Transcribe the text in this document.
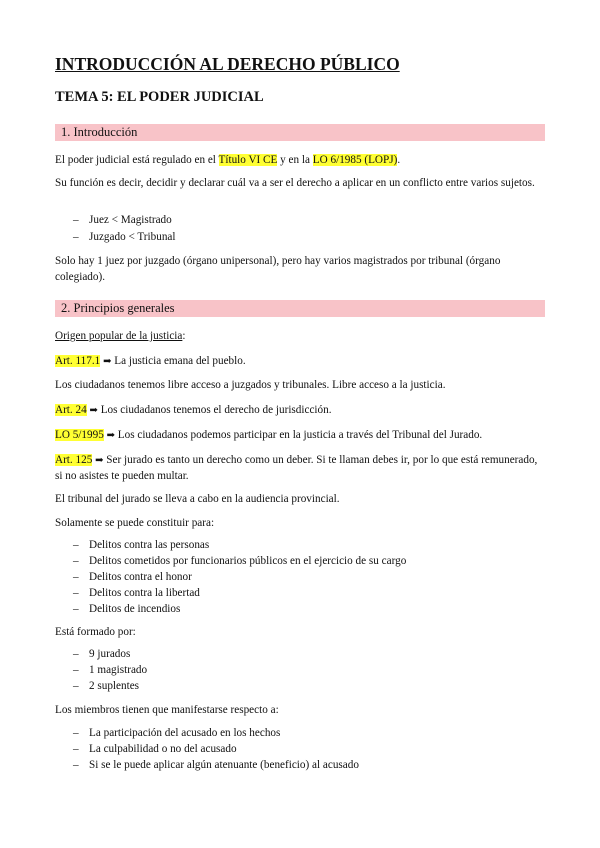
INTRODUCCIÓN AL DERECHO PÚBLICO
TEMA 5: EL PODER JUDICIAL
1. Introducción
El poder judicial está regulado en el Título VI CE y en la LO 6/1985 (LOPJ).
Su función es decir, decidir y declarar cuál va a ser el derecho a aplicar en un conflicto entre varios sujetos.
– Juez < Magistrado
– Juzgado < Tribunal
Solo hay 1 juez por juzgado (órgano unipersonal), pero hay varios magistrados por tribunal (órgano colegiado).
2. Principios generales
Origen popular de la justicia:
Art. 117.1 ➡ La justicia emana del pueblo.
Los ciudadanos tenemos libre acceso a juzgados y tribunales. Libre acceso a la justicia.
Art. 24 ➡ Los ciudadanos tenemos el derecho de jurisdicción.
LO 5/1995 ➡ Los ciudadanos podemos participar en la justicia a través del Tribunal del Jurado.
Art. 125 ➡ Ser jurado es tanto un derecho como un deber. Si te llaman debes ir, por lo que está remunerado, si no asistes te pueden multar.
El tribunal del jurado se lleva a cabo en la audiencia provincial.
Solamente se puede constituir para:
– Delitos contra las personas
– Delitos cometidos por funcionarios públicos en el ejercicio de su cargo
– Delitos contra el honor
– Delitos contra la libertad
– Delitos de incendios
Está formado por:
– 9 jurados
– 1 magistrado
– 2 suplentes
Los miembros tienen que manifestarse respecto a:
– La participación del acusado en los hechos
– La culpabilidad o no del acusado
– Si se le puede aplicar algún atenuante (beneficio) al acusado
